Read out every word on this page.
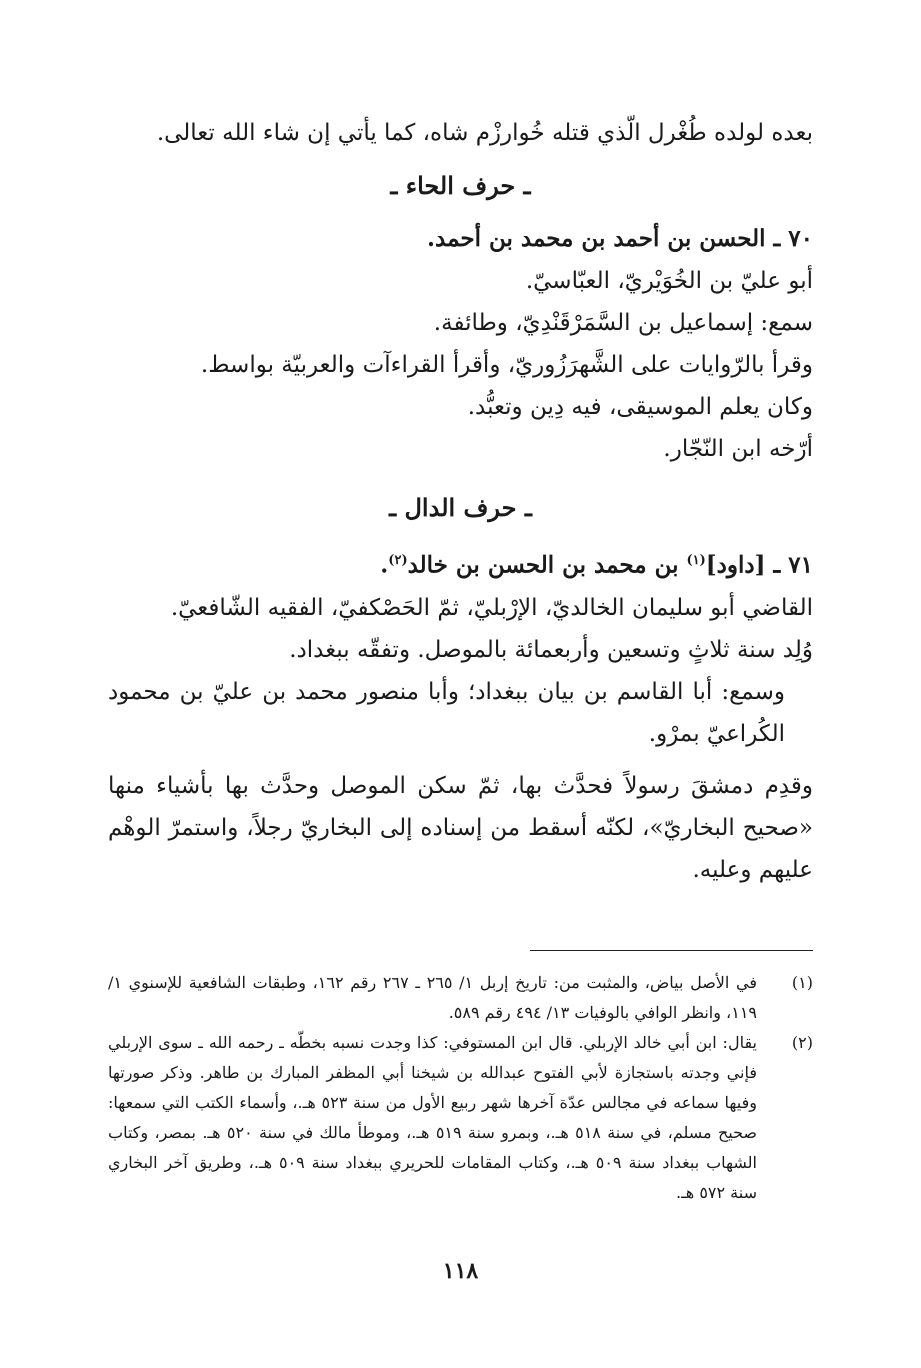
بعده لولده طُغْرل الّذي قتله خُوارزْم شاه، كما يأتي إن شاء الله تعالى.
ـ حرف الحاء ـ
٧٠ ـ الحسن بن أحمد بن محمد بن أحمد.
أبو عليّ بن الخُوَيْريّ، العبّاسيّ.
سمع: إسماعيل بن السَّمَرْقَنْدِيّ، وطائفة.
وقرأ بالرّوايات على الشَّهرَزُوريّ، وأقرأ القراءآت والعربيّة بواسط.
وكان يعلم الموسيقى، فيه دِين وتعبُّد.
أرّخه ابن النّجّار.
ـ حرف الدال ـ
٧١ ـ [داود]$^{(١)}$ بن محمد بن الحسن بن خالد$^{(٢)}$.
القاضي أبو سليمان الخالديّ، الإرْبليّ، ثمّ الحَصْكفيّ، الفقيه الشّافعيّ.
وُلِد سنة ثلاثٍ وتسعين وأربعمائة بالموصل. وتفقّه ببغداد.
وسمع: أبا القاسم بن بيان ببغداد؛ وأبا منصور محمد بن عليّ بن محمود الكُراعيّ بمرْو.
وقدِم دمشقَ رسولاً فحدَّث بها، ثمّ سكن الموصل وحدَّث بها بأشياء منها «صحيح البخاريّ»، لكنّه أسقط من إسناده إلى البخاريّ رجلاً، واستمرّ الوهْم عليهم وعليه.
(١)
في الأصل بياض، والمثبت من: تاريخ إربل ١/ ٢٦٥ ـ ٢٦٧ رقم ١٦٢، وطبقات الشافعية للإسنوي ١/ ١١٩، وانظر الوافي بالوفيات ١٣/ ٤٩٤ رقم ٥٨٩.
(٢)
يقال: ابن أبي خالد الإربلي. قال ابن المستوفي: كذا وجدت نسبه بخطّه ـ رحمه الله ـ سوى الإربلي فإني وجدته باستجازة لأبي الفتوح عبدالله بن شيخنا أبي المظفر المبارك بن طاهر. وذكر صورتها وفيها سماعه في مجالس عدّة آخرها شهر ربيع الأول من سنة ٥٢٣ هـ.، وأسماء الكتب التي سمعها: صحيح مسلم، في سنة ٥١٨ هـ.، وبمرو سنة ٥١٩ هـ.، وموطأ مالك في سنة ٥٢٠ هـ. بمصر، وكتاب الشهاب ببغداد سنة ٥٠٩ هـ.، وكتاب المقامات للحريري ببغداد سنة ٥٠٩ هـ.، وطريق آخر البخاري سنة ٥٧٢ هـ.
١١٨
